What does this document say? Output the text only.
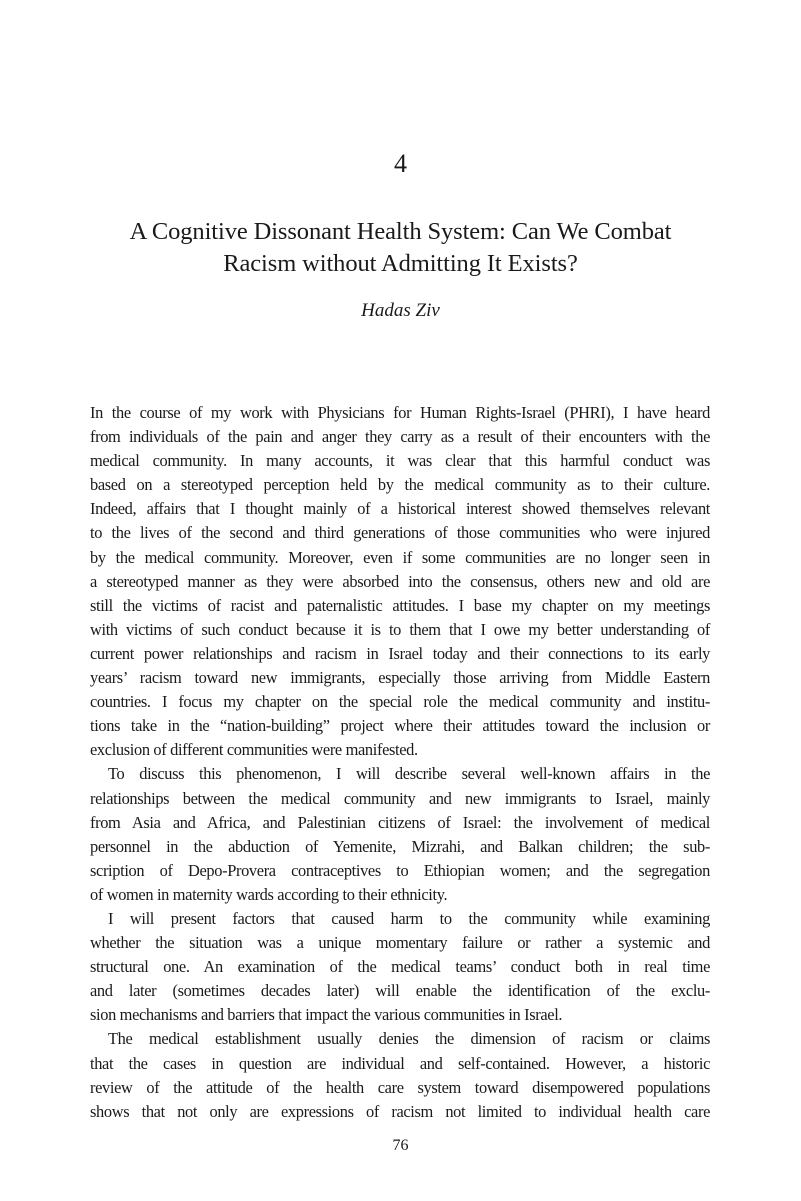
4
A Cognitive Dissonant Health System: Can We Combat
Racism without Admitting It Exists?
Hadas Ziv
In the course of my work with Physicians for Human Rights-Israel (PHRI), I have heard
from individuals of the pain and anger they carry as a result of their encounters with the
medical community. In many accounts, it was clear that this harmful conduct was
based on a stereotyped perception held by the medical community as to their culture.
Indeed, affairs that I thought mainly of a historical interest showed themselves relevant
to the lives of the second and third generations of those communities who were injured
by the medical community. Moreover, even if some communities are no longer seen in
a stereotyped manner as they were absorbed into the consensus, others new and old are
still the victims of racist and paternalistic attitudes. I base my chapter on my meetings
with victims of such conduct because it is to them that I owe my better understanding of
current power relationships and racism in Israel today and their connections to its early
years’ racism toward new immigrants, especially those arriving from Middle Eastern
countries. I focus my chapter on the special role the medical community and institu-
tions take in the “nation-building” project where their attitudes toward the inclusion or
exclusion of different communities were manifested.
To discuss this phenomenon, I will describe several well-known affairs in the
relationships between the medical community and new immigrants to Israel, mainly
from Asia and Africa, and Palestinian citizens of Israel: the involvement of medical
personnel in the abduction of Yemenite, Mizrahi, and Balkan children; the sub-
scription of Depo-Provera contraceptives to Ethiopian women; and the segregation
of women in maternity wards according to their ethnicity.
I will present factors that caused harm to the community while examining
whether the situation was a unique momentary failure or rather a systemic and
structural one. An examination of the medical teams’ conduct both in real time
and later (sometimes decades later) will enable the identification of the exclu-
sion mechanisms and barriers that impact the various communities in Israel.
The medical establishment usually denies the dimension of racism or claims
that the cases in question are individual and self-contained. However, a historic
review of the attitude of the health care system toward disempowered populations
shows that not only are expressions of racism not limited to individual health care
76
